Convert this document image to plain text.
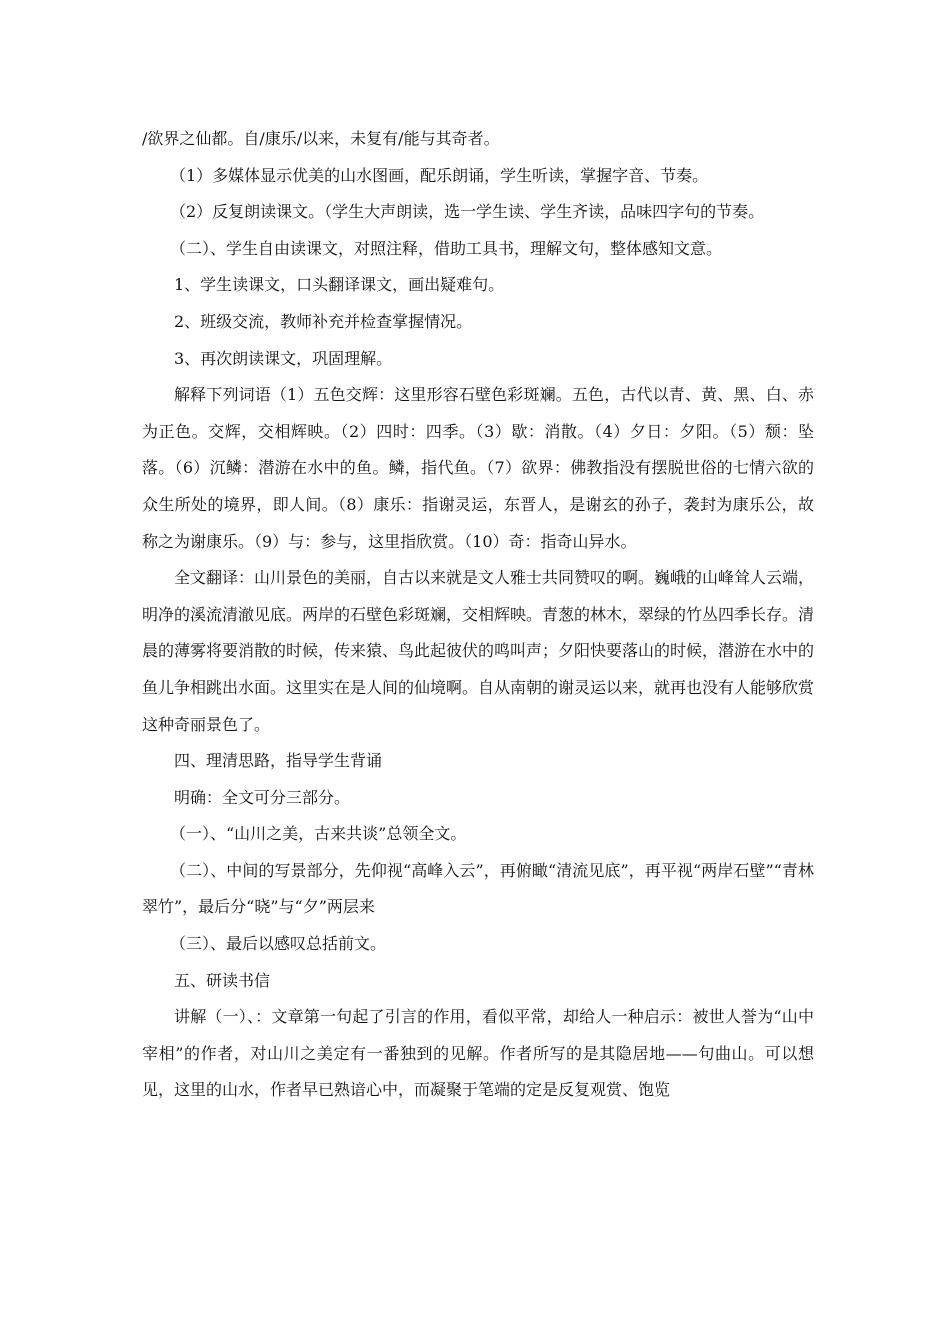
/欲界之仙都。自/康乐/以来，未复有/能与其奇者。

（1）多媒体显示优美的山水图画，配乐朗诵，学生听读，掌握字音、节奏。

（2）反复朗读课文。（学生大声朗读，选一学生读、学生齐读，品味四字句的节奏。

（二）、学生自由读课文，对照注释，借助工具书，理解文句，整体感知文意。

1、学生读课文，口头翻译课文，画出疑难句。

2、班级交流，教师补充并检查掌握情况。

3、再次朗读课文，巩固理解。

解释下列词语（1）五色交辉：这里形容石壁色彩斑斓。五色，古代以青、黄、黑、白、赤为正色。交辉，交相辉映。（2）四时：四季。（3）歇：消散。（4）夕日：夕阳。（5）颓：坠落。（6）沉鳞：潜游在水中的鱼。鳞，指代鱼。（7）欲界：佛教指没有摆脱世俗的七情六欲的众生所处的境界，即人间。（8）康乐：指谢灵运，东晋人，是谢玄的孙子，袭封为康乐公，故称之为谢康乐。（9）与：参与，这里指欣赏。（10）奇：指奇山异水。

全文翻译：山川景色的美丽，自古以来就是文人雅士共同赞叹的啊。巍峨的山峰耸人云端，明净的溪流清澈见底。两岸的石壁色彩斑斓，交相辉映。青葱的林木，翠绿的竹丛四季长存。清晨的薄雾将要消散的时候，传来猿、鸟此起彼伏的鸣叫声；夕阳快要落山的时候，潜游在水中的鱼儿争相跳出水面。这里实在是人间的仙境啊。自从南朝的谢灵运以来，就再也没有人能够欣赏这种奇丽景色了。

四、理清思路，指导学生背诵

明确：全文可分三部分。

（一）、“山川之美，古来共谈”总领全文。

（二）、中间的写景部分，先仰视“高峰入云”，再俯瞰“清流见底”，再平视“两岸石壁”“青林翠竹”，最后分“晓”与“夕”两层来

（三）、最后以感叹总括前文。

五、研读书信

讲解（一）、：文章第一句起了引言的作用，看似平常，却给人一种启示：被世人誉为“山中宰相”的作者，对山川之美定有一番独到的见解。作者所写的是其隐居地——句曲山。可以想见，这里的山水，作者早已熟谙心中，而凝聚于笔端的定是反复观赏、饱览
